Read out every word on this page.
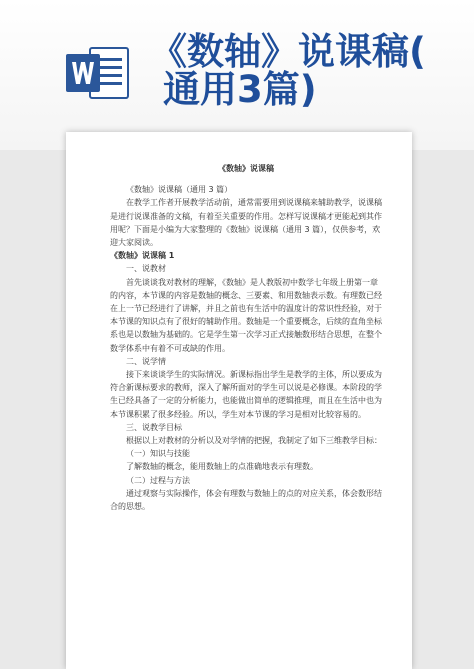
《数轴》说课稿(
通用3篇)

《数轴》说课稿

《数轴》说课稿（通用 3 篇）

在教学工作者开展教学活动前，通常需要用到说课稿来辅助教学，说课稿是进行说课准备的文稿，有着至关重要的作用。怎样写说课稿才更能起到其作用呢？下面是小编为大家整理的《数轴》说课稿（通用 3 篇），仅供参考，欢迎大家阅读。

《数轴》说课稿 1

一、说教材

首先谈谈我对教材的理解，《数轴》是人教版初中数学七年级上册第一章的内容，本节课的内容是数轴的概念、三要素、和用数轴表示数。有理数已经在上一节已经进行了讲解，并且之前也有生活中的温度计的常识性经验，对于本节课的知识点有了很好的辅助作用。数轴是一个重要概念，后续的直角坐标系也是以数轴为基础的。它是学生第一次学习正式接触数形结合思想，在整个数学体系中有着不可或缺的作用。

二、说学情

接下来谈谈学生的实际情况。新课标指出学生是教学的主体，所以要成为符合新课标要求的教师，深入了解所面对的学生可以说是必修课。本阶段的学生已经具备了一定的分析能力，也能做出简单的逻辑推理，而且在生活中也为本节课积累了很多经验。所以，学生对本节课的学习是相对比较容易的。

三、说教学目标

根据以上对教材的分析以及对学情的把握，我制定了如下三维教学目标：

（一）知识与技能

了解数轴的概念，能用数轴上的点准确地表示有理数。

（二）过程与方法

通过观察与实际操作，体会有理数与数轴上的点的对应关系，体会数形结合的思想。
